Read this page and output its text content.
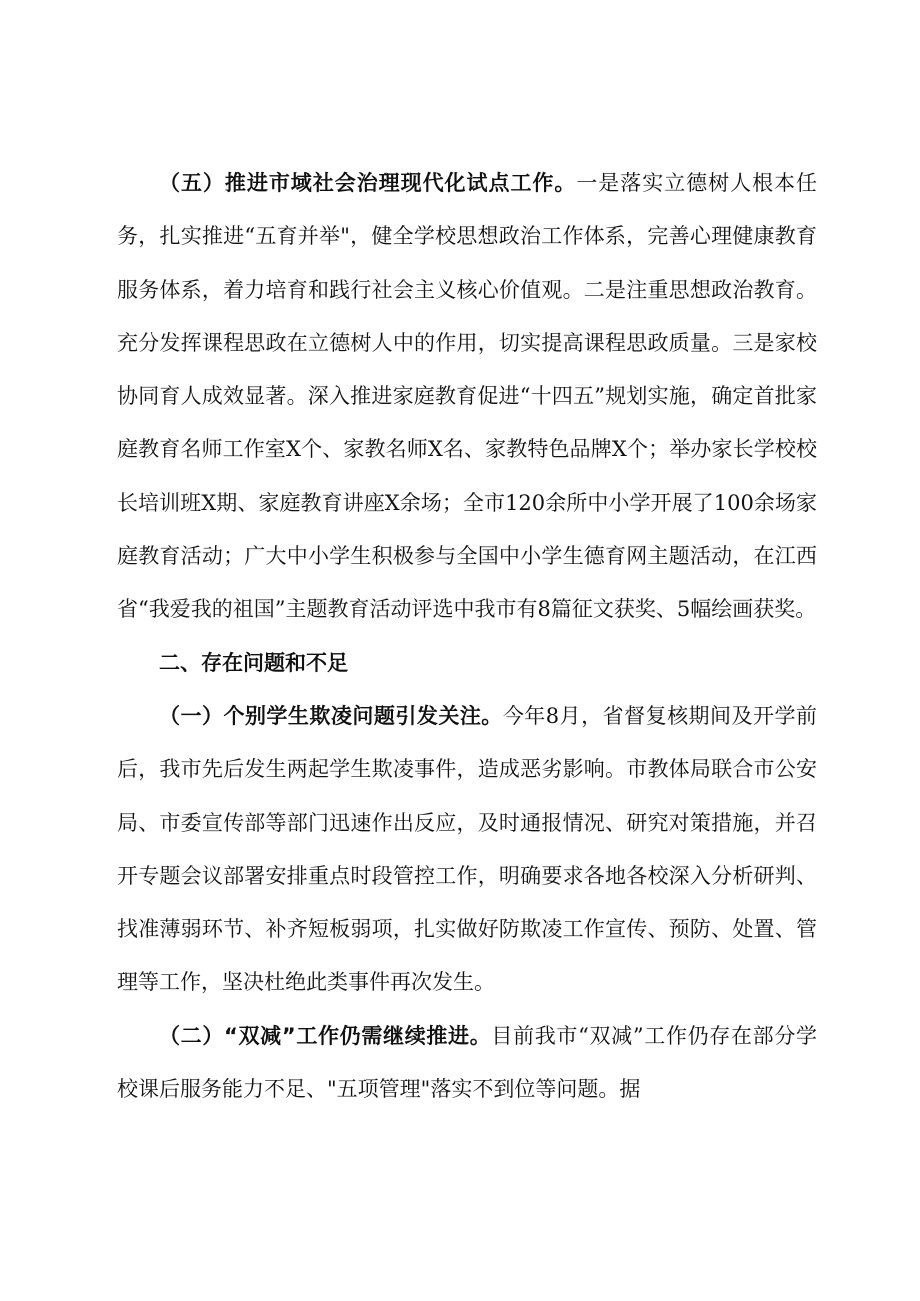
（五）推进市域社会治理现代化试点工作。一是落实立德树人根本任务，扎实推进“五育并举"，健全学校思想政治工作体系，完善心理健康教育服务体系，着力培育和践行社会主义核心价值观。二是注重思想政治教育。充分发挥课程思政在立德树人中的作用，切实提高课程思政质量。三是家校协同育人成效显著。深入推进家庭教育促进“十四五”规划实施，确定首批家庭教育名师工作室X个、家教名师X名、家教特色品牌X个；举办家长学校校长培训班X期、家庭教育讲座X余场；全市120余所中小学开展了100余场家庭教育活动；广大中小学生积极参与全国中小学生德育网主题活动，在江西省“我爱我的祖国”主题教育活动评选中我市有8篇征文获奖、5幅绘画获奖。

二、存在问题和不足

（一）个别学生欺凌问题引发关注。今年8月，省督复核期间及开学前后，我市先后发生两起学生欺凌事件，造成恶劣影响。市教体局联合市公安局、市委宣传部等部门迅速作出反应，及时通报情况、研究对策措施，并召开专题会议部署安排重点时段管控工作，明确要求各地各校深入分析研判、找准薄弱环节、补齐短板弱项，扎实做好防欺凌工作宣传、预防、处置、管理等工作，坚决杜绝此类事件再次发生。

（二）“双减”工作仍需继续推进。目前我市“双减”工作仍存在部分学校课后服务能力不足、"五项管理"落实不到位等问题。据
